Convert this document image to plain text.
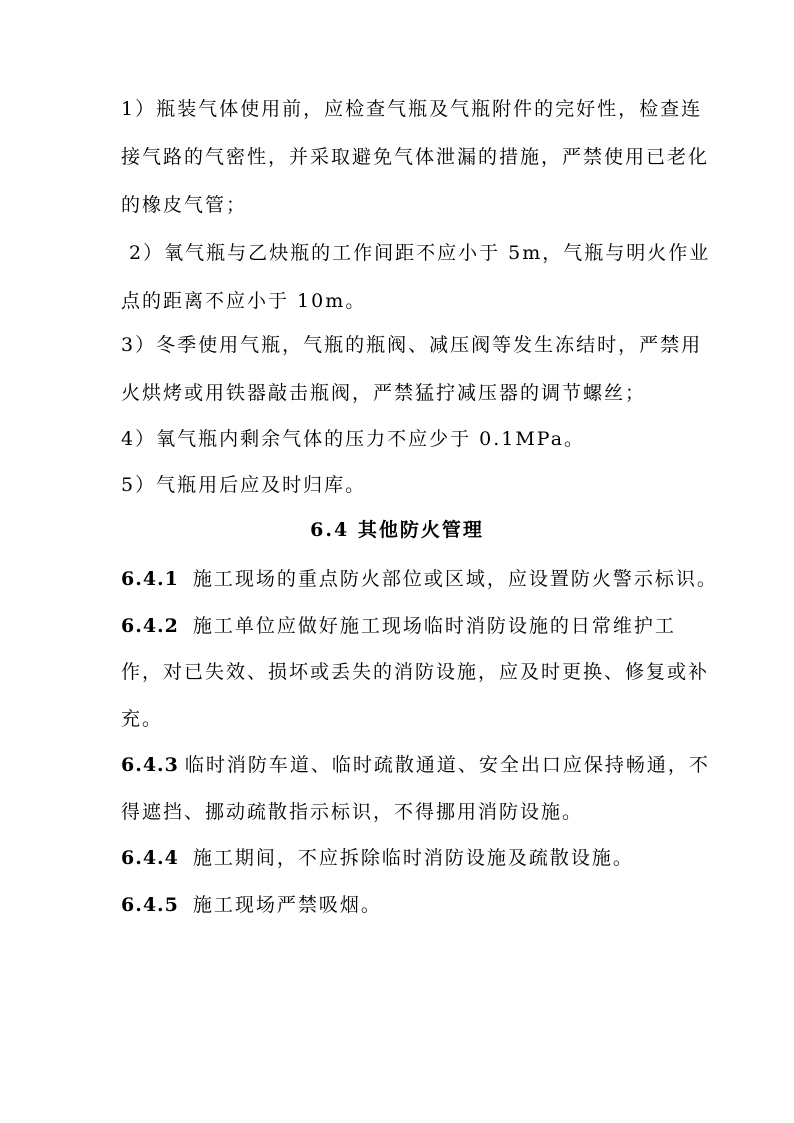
1）瓶装气体使用前，应检查气瓶及气瓶附件的完好性，检查连
接气路的气密性，并采取避免气体泄漏的措施，严禁使用已老化
的橡皮气管；
2）氧气瓶与乙炔瓶的工作间距不应小于 5m，气瓶与明火作业
点的距离不应小于 10m。
3）冬季使用气瓶，气瓶的瓶阀、减压阀等发生冻结时，严禁用
火烘烤或用铁器敲击瓶阀，严禁猛拧减压器的调节螺丝；
4）氧气瓶内剩余气体的压力不应少于 0.1MPa。
5）气瓶用后应及时归库。
6.4 其他防火管理
6.4.1 施工现场的重点防火部位或区域，应设置防火警示标识。
6.4.2 施工单位应做好施工现场临时消防设施的日常维护工
作，对已失效、损坏或丢失的消防设施，应及时更换、修复或补
充。
6.4.3 临时消防车道、临时疏散通道、安全出口应保持畅通，不
得遮挡、挪动疏散指示标识，不得挪用消防设施。
6.4.4 施工期间，不应拆除临时消防设施及疏散设施。
6.4.5 施工现场严禁吸烟。
